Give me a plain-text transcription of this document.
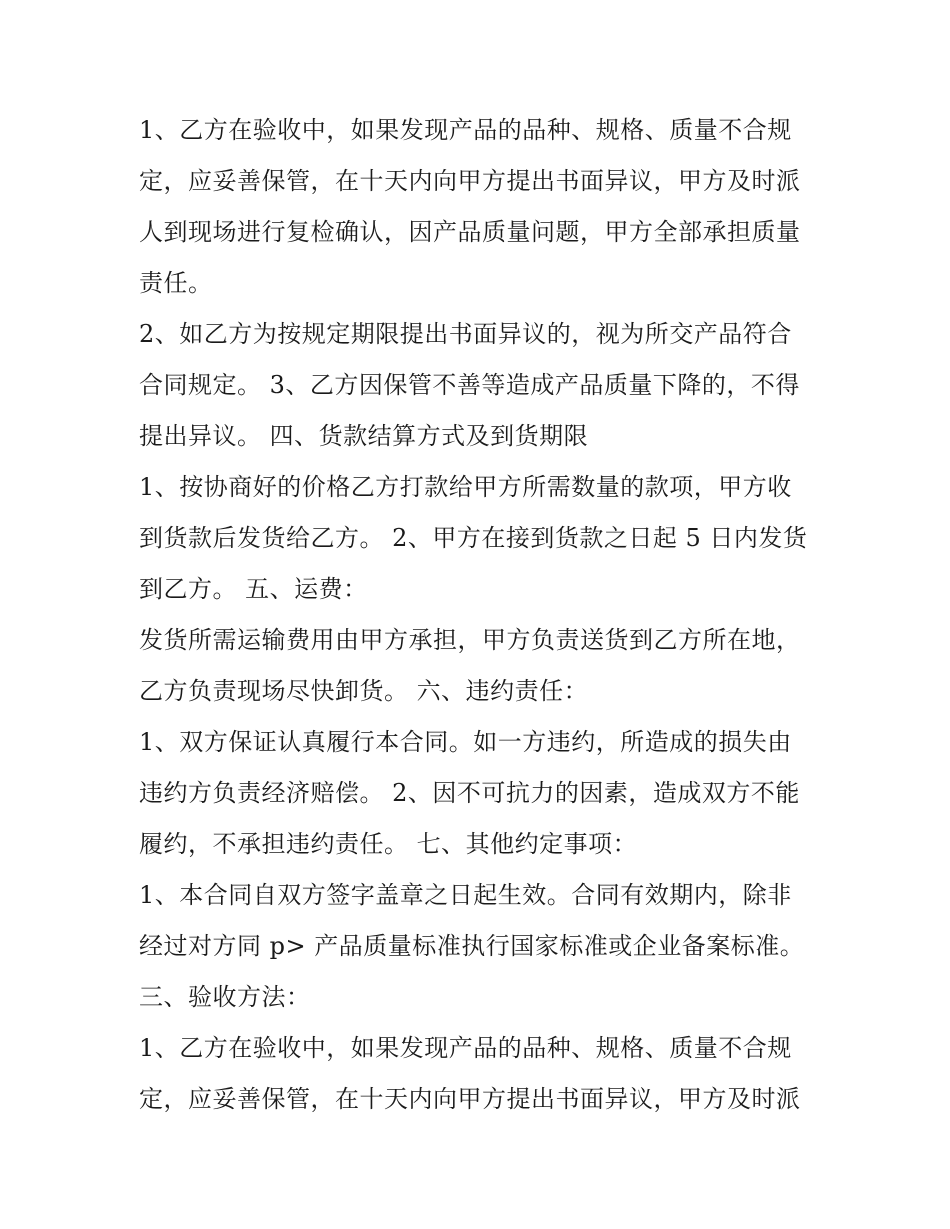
1、乙方在验收中，如果发现产品的品种、规格、质量不合规
定，应妥善保管，在十天内向甲方提出书面异议，甲方及时派
人到现场进行复检确认，因产品质量问题，甲方全部承担质量
责任。
2、如乙方为按规定期限提出书面异议的，视为所交产品符合
合同规定。 3、乙方因保管不善等造成产品质量下降的，不得
提出异议。 四、货款结算方式及到货期限
1、按协商好的价格乙方打款给甲方所需数量的款项，甲方收
到货款后发货给乙方。 2、甲方在接到货款之日起 5 日内发货
到乙方。 五、运费：
发货所需运输费用由甲方承担，甲方负责送货到乙方所在地，
乙方负责现场尽快卸货。 六、违约责任：
1、双方保证认真履行本合同。如一方违约，所造成的损失由
违约方负责经济赔偿。 2、因不可抗力的因素，造成双方不能
履约，不承担违约责任。 七、其他约定事项：
1、本合同自双方签字盖章之日起生效。合同有效期内，除非
经过对方同 p> 产品质量标准执行国家标准或企业备案标准。
三、验收方法：
1、乙方在验收中，如果发现产品的品种、规格、质量不合规
定，应妥善保管，在十天内向甲方提出书面异议，甲方及时派
